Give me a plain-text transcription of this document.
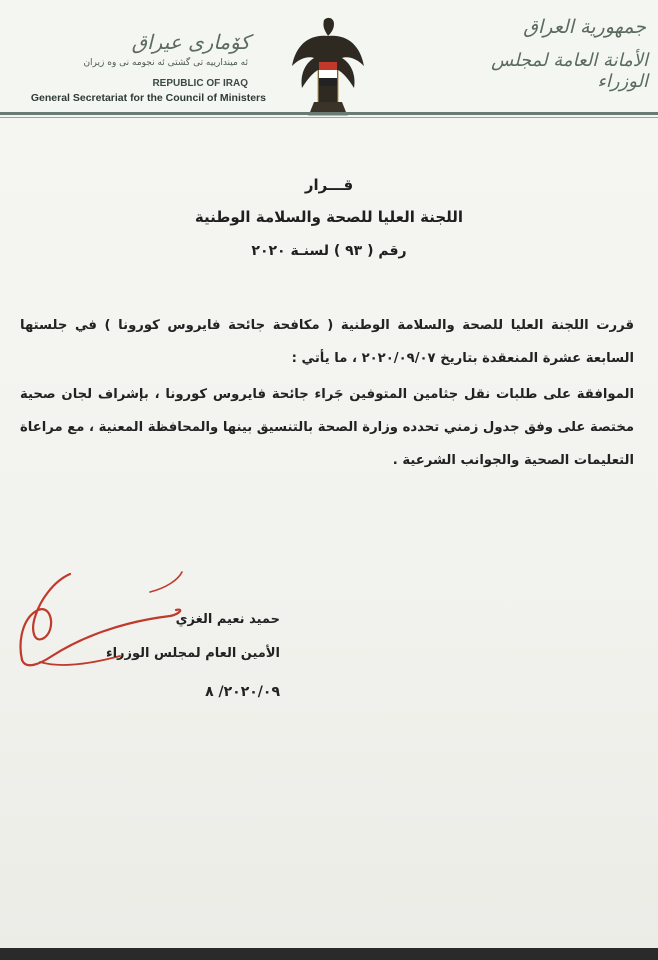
کۆماری عیراق
ئه میندارییه تی گشتی ئه نجومه نی وه زیران
REPUBLIC OF IRAQ
General Secretariat for the Council of Ministers
جمهورية العراق
الأمانة العامة لمجلس الوزراء
قـــرار
اللجنة العليا للصحة والسلامة الوطنية
رقم ( ٩٣ ) لسنـة ٢٠٢٠
قررت اللجنة العليا للصحة والسلامة الوطنية ( مكافحة جائحة فايروس كورونا ) في جلستها السابعة عشرة المنعقدة بتاريخ ٢٠٢٠/٠٩/٠٧ ، ما يأتي :
الموافقة على طلبات نقل جثامين المتوفين جَراء جائحة فايروس كورونا ، بإشراف لجان صحية مختصة على وفق جدول زمني تحدده وزارة الصحة بالتنسيق بينها والمحافظة المعنية ، مع مراعاة التعليمات الصحية والجوانب الشرعية .
حميد نعيم الغزي
الأمين العام لمجلس الوزراء
٢٠٢٠/٠٩/ ٨
